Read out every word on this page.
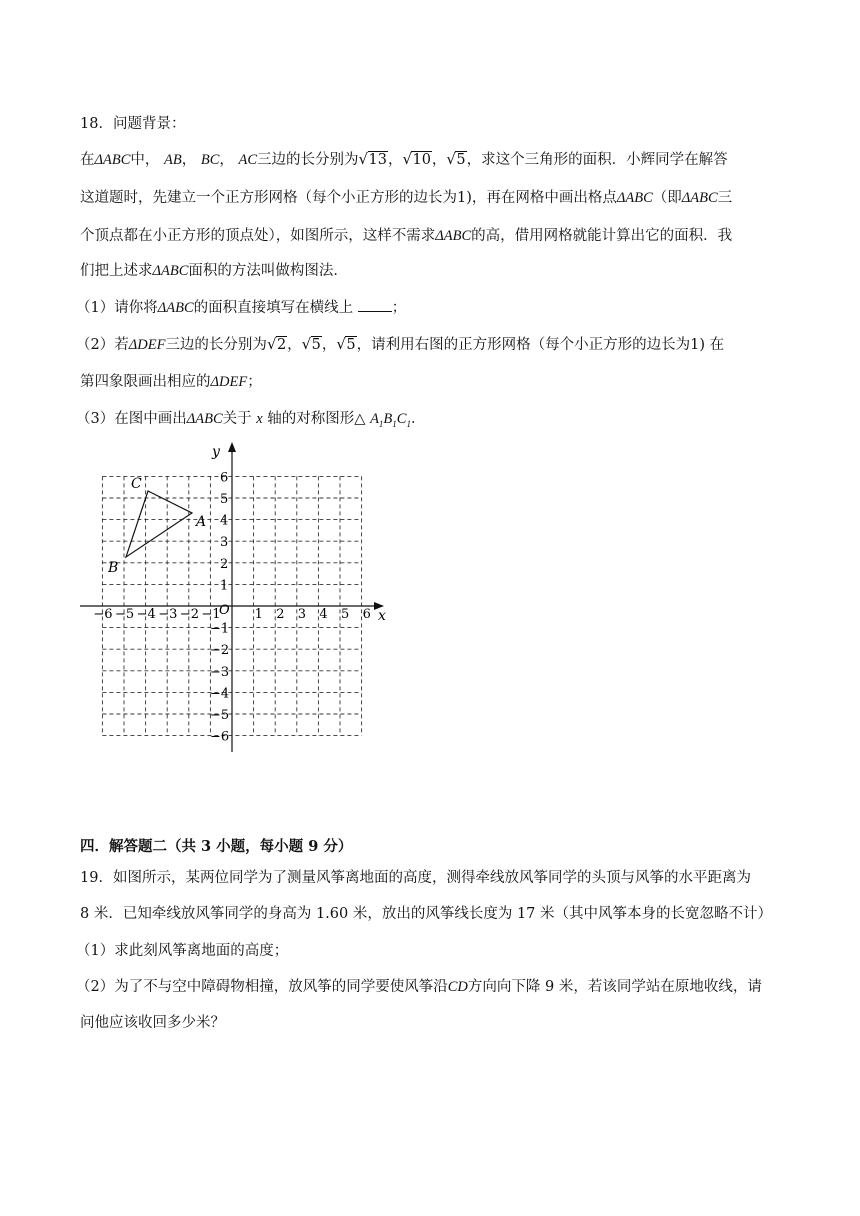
18．问题背景：
在ΔABC中， AB， BC， AC三边的长分别为 √ 13， √ 10， √ 5，求这个三角形的面积．小辉同学在解答
这道题时，先建立一个正方形网格（每个小正方形的边长为1)，再在网格中画出格点ΔABC（即ΔABC三
个顶点都在小正方形的顶点处），如图所示，这样不需求ΔABC的高，借用网格就能计算出它的面积．我
们把上述求ΔABC面积的方法叫做构图法．
（1）请你将ΔABC的面积直接填写在横线上	；
（2）若ΔDEF三边的长分别为 √ 2， √ 5， √ 5，请利用右图的正方形网格（每个小正方形的边长为1) 在
第四象限画出相应的ΔDEF；
（3）在图中画出ΔABC关于 x 轴的对称图形△ $A_1B_1C_1$．
y
x
O
−6 −5 −4 −3 −2 −1	1 2 3 4 5 6
1
2
3
4
5
6
−1
−2
−3
−4
−5
−6
A
B
C
四．解答题二（共 3 小题，每小题 9 分）
19．如图所示，某两位同学为了测量风筝离地面的高度，测得牵线放风筝同学的头顶与风筝的水平距离为
8 米．已知牵线放风筝同学的身高为 1.60 米，放出的风筝线长度为 17 米（其中风筝本身的长宽忽略不计）
（1）求此刻风筝离地面的高度；
（2）为了不与空中障碍物相撞，放风筝的同学要使风筝沿CD方向向下降 9 米，若该同学站在原地收线，请
问他应该收回多少米？
